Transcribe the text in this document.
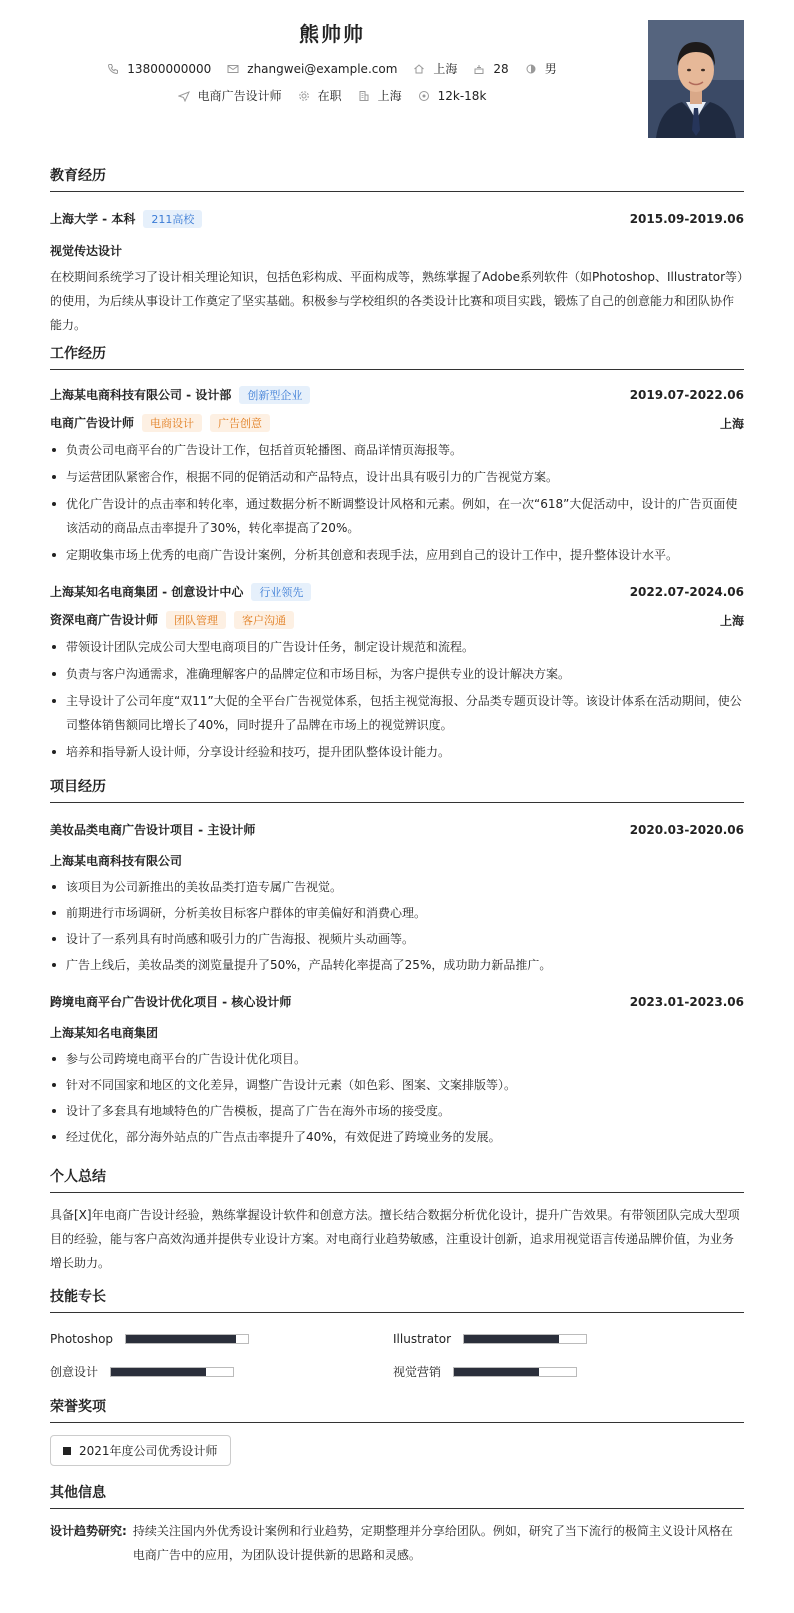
熊帅帅
13800000000	zhangwei@example.com	上海	28	男
电商广告设计师	在职	上海	12k-18k
教育经历
上海大学 - 本科 211高校	2015.09-2019.06
视觉传达设计
在校期间系统学习了设计相关理论知识，包括色彩构成、平面构成等，熟练掌握了Adobe系列软件（如Photoshop、Illustrator等）的使用，为后续从事设计工作奠定了坚实基础。积极参与学校组织的各类设计比赛和项目实践，锻炼了自己的创意能力和团队协作能力。
工作经历
上海某电商科技有限公司 - 设计部 创新型企业	2019.07-2022.06
电商广告设计师 电商设计 广告创意	上海
负责公司电商平台的广告设计工作，包括首页轮播图、商品详情页海报等。
与运营团队紧密合作，根据不同的促销活动和产品特点，设计出具有吸引力的广告视觉方案。
优化广告设计的点击率和转化率，通过数据分析不断调整设计风格和元素。例如，在一次“618”大促活动中，设计的广告页面使该活动的商品点击率提升了30%，转化率提高了20%。
定期收集市场上优秀的电商广告设计案例，分析其创意和表现手法，应用到自己的设计工作中，提升整体设计水平。
上海某知名电商集团 - 创意设计中心 行业领先	2022.07-2024.06
资深电商广告设计师 团队管理 客户沟通	上海
带领设计团队完成公司大型电商项目的广告设计任务，制定设计规范和流程。
负责与客户沟通需求，准确理解客户的品牌定位和市场目标，为客户提供专业的设计解决方案。
主导设计了公司年度“双11”大促的全平台广告视觉体系，包括主视觉海报、分品类专题页设计等。该设计体系在活动期间，使公司整体销售额同比增长了40%，同时提升了品牌在市场上的视觉辨识度。
培养和指导新人设计师，分享设计经验和技巧，提升团队整体设计能力。
项目经历
美妆品类电商广告设计项目 - 主设计师	2020.03-2020.06
上海某电商科技有限公司
该项目为公司新推出的美妆品类打造专属广告视觉。
前期进行市场调研，分析美妆目标客户群体的审美偏好和消费心理。
设计了一系列具有时尚感和吸引力的广告海报、视频片头动画等。
广告上线后，美妆品类的浏览量提升了50%，产品转化率提高了25%，成功助力新品推广。
跨境电商平台广告设计优化项目 - 核心设计师	2023.01-2023.06
上海某知名电商集团
参与公司跨境电商平台的广告设计优化项目。
针对不同国家和地区的文化差异，调整广告设计元素（如色彩、图案、文案排版等）。
设计了多套具有地域特色的广告模板，提高了广告在海外市场的接受度。
经过优化，部分海外站点的广告点击率提升了40%，有效促进了跨境业务的发展。
个人总结
具备[X]年电商广告设计经验，熟练掌握设计软件和创意方法。擅长结合数据分析优化设计，提升广告效果。有带领团队完成大型项目的经验，能与客户高效沟通并提供专业设计方案。对电商行业趋势敏感，注重设计创新，追求用视觉语言传递品牌价值，为业务增长助力。
技能专长
Photoshop	Illustrator
创意设计	视觉营销
荣誉奖项
2021年度公司优秀设计师
其他信息
设计趋势研究: 持续关注国内外优秀设计案例和行业趋势，定期整理并分享给团队。例如，研究了当下流行的极简主义设计风格在电商广告中的应用，为团队设计提供新的思路和灵感。
